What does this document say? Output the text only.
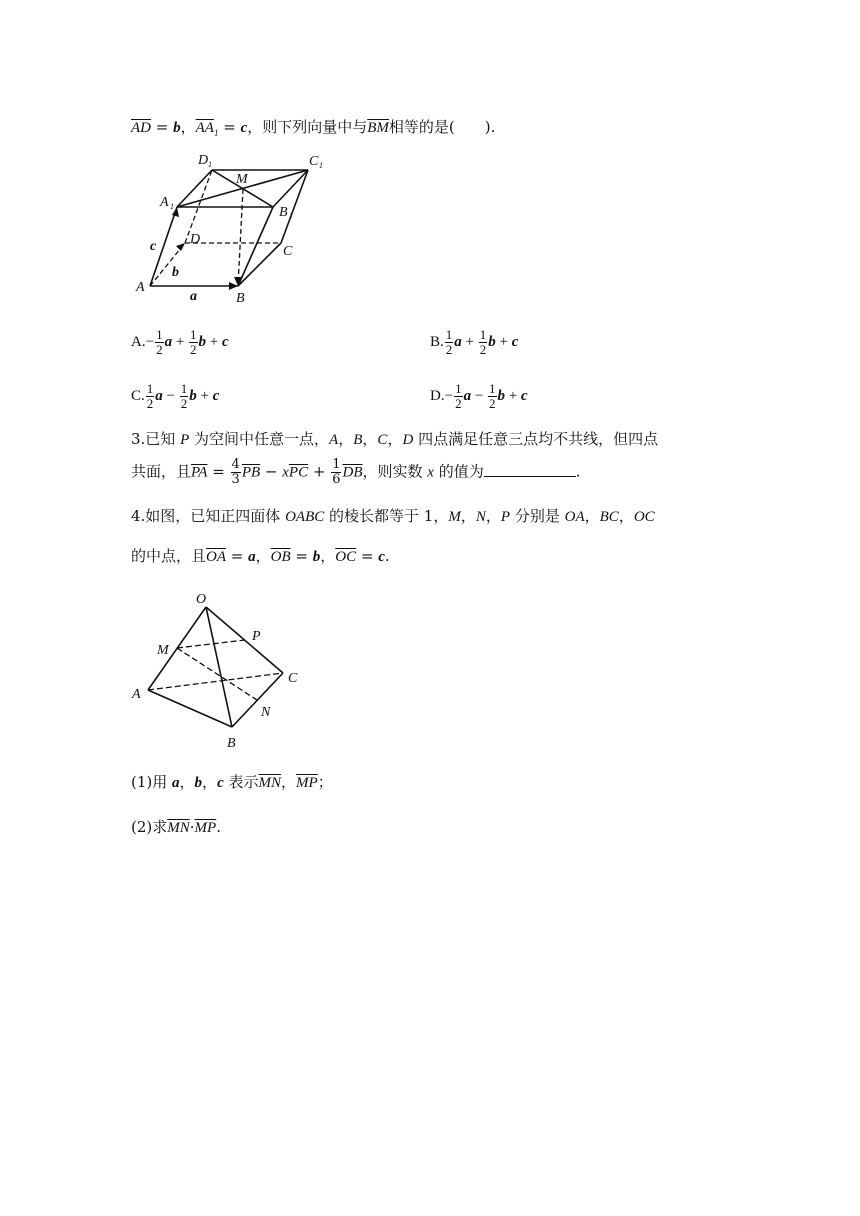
$\overline{AD} = b$，$\overline{AA}_1 = c$，则下列向量中与$\overline{BM}$相等的是(　　).
A
B
C
D
A 1	B 1
C 1
D 1
M
a
b
c
$A.- \frac{1}{2}$ $a + \frac{1}{2}$ b + c	B. $\frac{1}{2}$ $a + \frac{1}{2}$ b + c
C. $\frac{1}{2}$ $a - \frac{1}{2}$ b + c	$D.- \frac{1}{2}$ $a - \frac{1}{2}$ b + c
3.已知 P 为空间中任意一点，A，B，C，D 四点满足任意三点均不共线，但四点
共面，且$\overline{PA} = \frac{4}{3} \overline{PB} - x\overline{PC} + \frac{1}{6} \overline{DB}$，则实数 x 的值为	.
4.如图，已知正四面体 OABC 的棱长都等于 1，M，N，P 分别是 OA，BC，OC
的中点，且$\overline{OA} = a$，$\overline{OB} = b$，$\overline{OC} = c$.
O
P
M
C
A
N
B
(1)用 a，b，c 表示$\overline{MN}$，$\overline{MP}$；
(2)求$\overline{MN}\cdot\overline{MP}$.
